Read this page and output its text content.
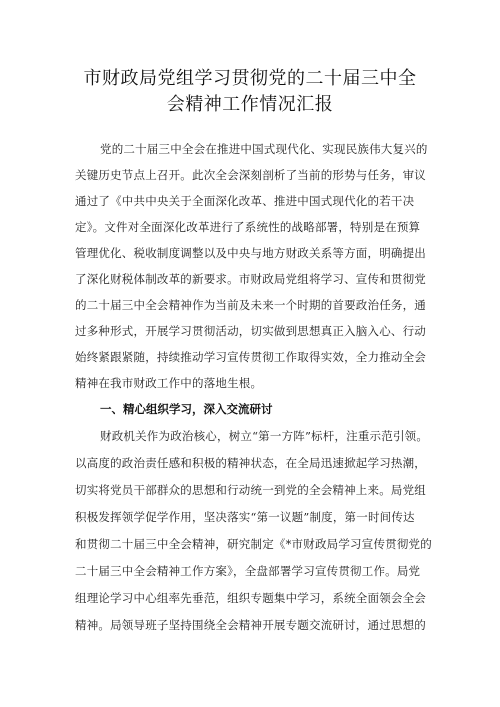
市财政局党组学习贯彻党的二十届三中全
会精神工作情况汇报
党的二十届三中全会在推进中国式现代化、实现民族伟大复兴的
关键历史节点上召开。此次全会深刻剖析了当前的形势与任务，审议
通过了《中共中央关于全面深化改革、推进中国式现代化的若干决
定》。文件对全面深化改革进行了系统性的战略部署，特别是在预算
管理优化、税收制度调整以及中央与地方财政关系等方面，明确提出
了深化财税体制改革的新要求。市财政局党组将学习、宣传和贯彻党
的二十届三中全会精神作为当前及未来一个时期的首要政治任务，通
过多种形式，开展学习贯彻活动，切实做到思想真正入脑入心、行动
始终紧跟紧随，持续推动学习宣传贯彻工作取得实效，全力推动全会
精神在我市财政工作中的落地生根。
一、精心组织学习，深入交流研讨
财政机关作为政治核心，树立“第一方阵”标杆，注重示范引领。
以高度的政治责任感和积极的精神状态，在全局迅速掀起学习热潮，
切实将党员干部群众的思想和行动统一到党的全会精神上来。局党组
积极发挥领学促学作用，坚决落实“第一议题”制度，第一时间传达
和贯彻二十届三中全会精神，研究制定《*市财政局学习宣传贯彻党的
二十届三中全会精神工作方案》，全盘部署学习宣传贯彻工作。局党
组理论学习中心组率先垂范，组织专题集中学习，系统全面领会全会
精神。局领导班子坚持围绕全会精神开展专题交流研讨，通过思想的
